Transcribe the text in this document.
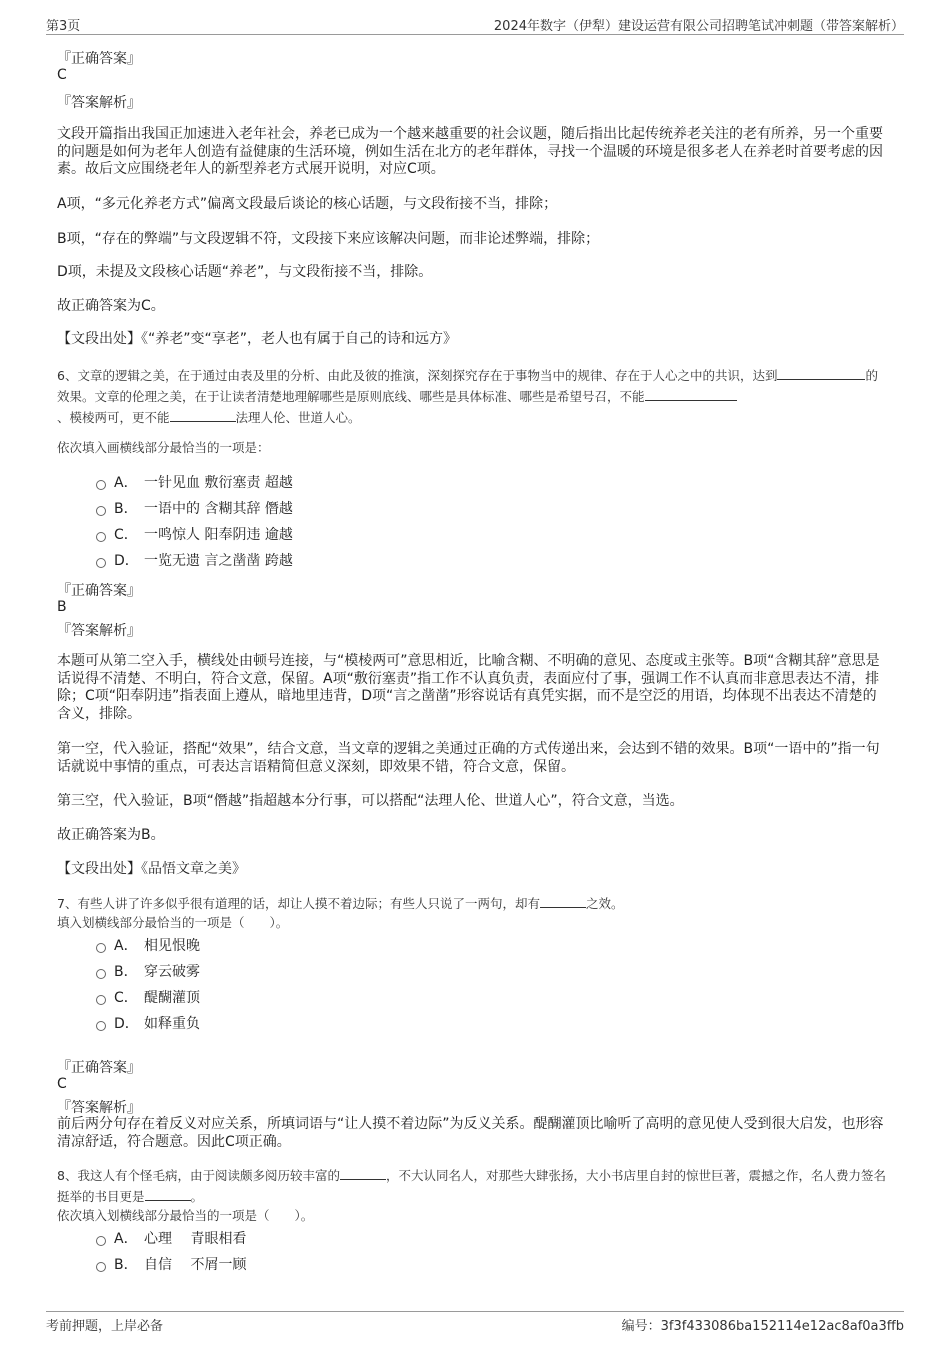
第3页	2024年数字（伊犁）建设运营有限公司招聘笔试冲刺题（带答案解析）
『正确答案』
C
『答案解析』
文段开篇指出我国正加速进入老年社会，养老已成为一个越来越重要的社会议题，随后指出比起传统养老关注的老有所养，另一个重要的问题是如何为老年人创造有益健康的生活环境，例如生活在北方的老年群体，寻找一个温暖的环境是很多老人在养老时首要考虑的因素。故后文应围绕老年人的新型养老方式展开说明，对应C项。
A项，“多元化养老方式”偏离文段最后谈论的核心话题，与文段衔接不当，排除；
B项，“存在的弊端”与文段逻辑不符，文段接下来应该解决问题，而非论述弊端，排除；
D项，未提及文段核心话题“养老”，与文段衔接不当，排除。
故正确答案为C。
【文段出处】《“养老”变“享老”，老人也有属于自己的诗和远方》
6、文章的逻辑之美，在于通过由表及里的分析、由此及彼的推演，深刻探究存在于事物当中的规律、存在于人心之中的共识，达到	的效果。文章的伦理之美，在于让读者清楚地理解哪些是原则底线、哪些是具体标准、哪些是希望号召，不能
、模棱两可，更不能	法理人伦、世道人心。
依次填入画横线部分最恰当的一项是：
A． 一针见血 敷衍塞责 超越
B． 一语中的 含糊其辞 僭越
C． 一鸣惊人 阳奉阴违 逾越
D． 一览无遗 言之凿凿 跨越
『正确答案』
B
『答案解析』
本题可从第二空入手，横线处由顿号连接，与“模棱两可”意思相近，比喻含糊、不明确的意见、态度或主张等。B项“含糊其辞”意思是话说得不清楚、不明白，符合文意，保留。A项“敷衍塞责”指工作不认真负责，表面应付了事，强调工作不认真而非意思表达不清，排除；C项“阳奉阴违”指表面上遵从，暗地里违背，D项“言之凿凿”形容说话有真凭实据，而不是空泛的用语，均体现不出表达不清楚的含义，排除。
第一空，代入验证，搭配“效果”，结合文意，当文章的逻辑之美通过正确的方式传递出来，会达到不错的效果。B项“一语中的”指一句话就说中事情的重点，可表达言语精简但意义深刻，即效果不错，符合文意，保留。
第三空，代入验证，B项“僭越”指超越本分行事，可以搭配“法理人伦、世道人心”，符合文意，当选。
故正确答案为B。
【文段出处】《品悟文章之美》
7、有些人讲了许多似乎很有道理的话，却让人摸不着边际；有些人只说了一两句，却有	之效。
填入划横线部分最恰当的一项是（　　）。
A． 相见恨晚
B． 穿云破雾
C． 醍醐灌顶
D． 如释重负
『正确答案』
C
『答案解析』
前后两分句存在着反义对应关系，所填词语与“让人摸不着边际”为反义关系。醍醐灌顶比喻听了高明的意见使人受到很大启发，也形容清凉舒适，符合题意。因此C项正确。
8、我这人有个怪毛病，由于阅读颇多阅历较丰富的	，不大认同名人，对那些大肆张扬，大小书店里自封的惊世巨著，震撼之作，名人费力签名挺举的书目更是	。
依次填入划横线部分最恰当的一项是（　　）。
A． 心理　 青眼相看
B． 自信　 不屑一顾
考前押题，上岸必备	编号：3f3f433086ba152114e12ac8af0a3ffb
